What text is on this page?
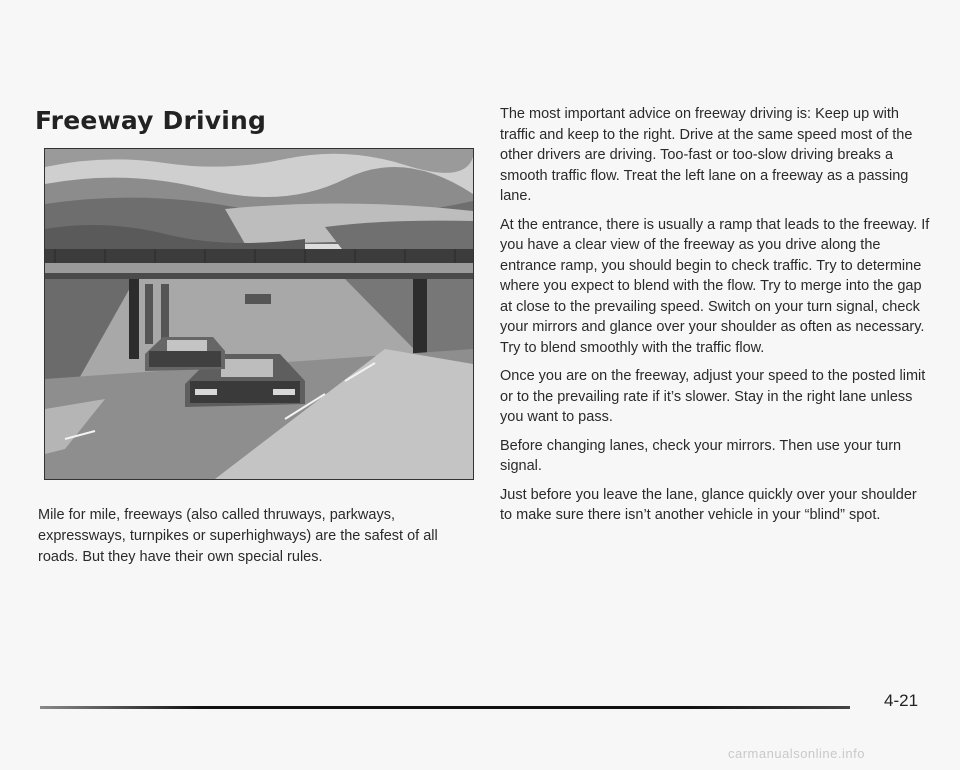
Freeway Driving

Mile for mile, freeways (also called thruways, parkways, expressways, turnpikes or superhighways) are the safest of all roads. But they have their own special rules.

The most important advice on freeway driving is: Keep up with traffic and keep to the right. Drive at the same speed most of the other drivers are driving. Too-fast or too-slow driving breaks a smooth traffic flow. Treat the left lane on a freeway as a passing lane.

At the entrance, there is usually a ramp that leads to the freeway. If you have a clear view of the freeway as you drive along the entrance ramp, you should begin to check traffic. Try to determine where you expect to blend with the flow. Try to merge into the gap at close to the prevailing speed. Switch on your turn signal, check your mirrors and glance over your shoulder as often as necessary. Try to blend smoothly with the traffic flow.

Once you are on the freeway, adjust your speed to the posted limit or to the prevailing rate if it’s slower. Stay in the right lane unless you want to pass.

Before changing lanes, check your mirrors. Then use your turn signal.

Just before you leave the lane, glance quickly over your shoulder to make sure there isn’t another vehicle in your “blind” spot.

4-21
carmanualsonline.info
